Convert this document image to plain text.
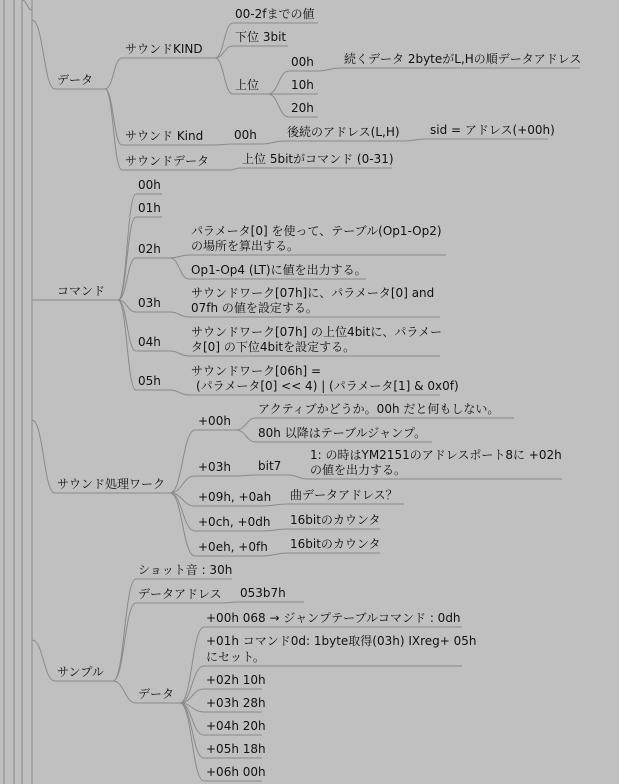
データ
サウンドKIND
00-2fまでの値
下位 3bit
上位
00h	続くデータ 2byteがL,Hの順データアドレス
10h
20h
サウンド Kind	00h	後続のアドレス(L,H)	sid = アドレス(+00h)
サウンドデータ	上位 5bitがコマンド (0-31)
コマンド
00h
01h
02h
パラメータ[0] を使って、テーブル(Op1-Op2)
の場所を算出する。
Op1-Op4 (LT)に値を出力する。
03h
サウンドワーク[07h]に、パラメータ[0] and
07fh の値を設定する。
04h
サウンドワーク[07h] の上位4bitに、パラメー
タ[0] の下位4bitを設定する。
05h
サウンドワーク[06h] =
(パラメータ[0] << 4) | (パラメータ[1] & 0x0f)
サウンド処理ワーク
+00h
アクティブかどうか。00h だと何もしない。
80h 以降はテーブルジャンプ。
+03h bit7
1: の時はYM2151のアドレスポート8に +02h
の値を出力する。
+09h, +0ah 曲データアドレス？
+0ch, +0dh 16bitのカウンタ
+0eh, +0fh 16bitのカウンタ
サンプル
ショット音 : 30h
データアドレス 053b7h
データ
+00h 068 → ジャンプテーブルコマンド : 0dh
+01h コマンド0d: 1byte取得(03h) IXreg+ 05h
にセット。
+02h 10h
+03h 28h
+04h 20h
+05h 18h
+06h 00h
